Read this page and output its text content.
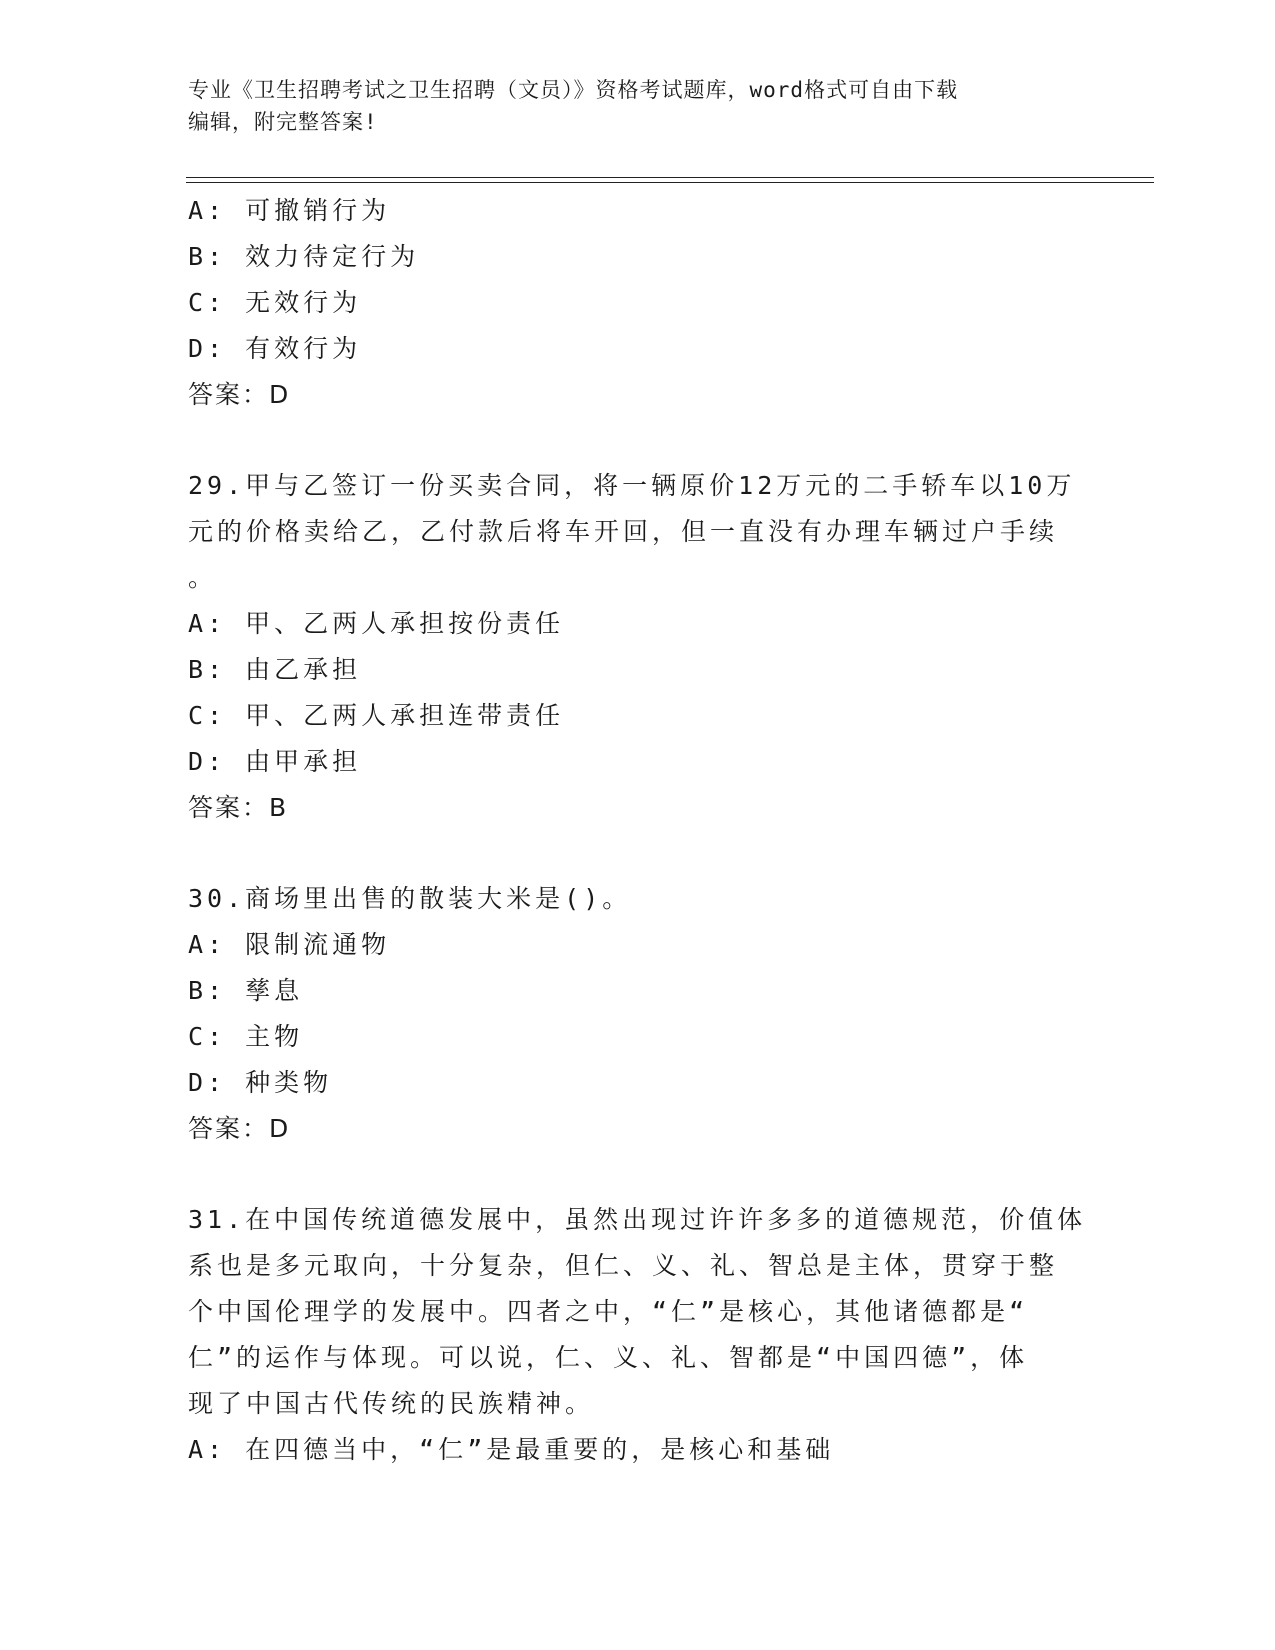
专业《卫生招聘考试之卫生招聘（文员）》资格考试题库，word格式可自由下载
编辑，附完整答案!
A: 可撤销行为
B: 效力待定行为
C: 无效行为
D: 有效行为
答案：D
29.甲与乙签订一份买卖合同，将一辆原价12万元的二手轿车以10万
元的价格卖给乙，乙付款后将车开回，但一直没有办理车辆过户手续
。
A: 甲、乙两人承担按份责任
B: 由乙承担
C: 甲、乙两人承担连带责任
D: 由甲承担
答案：B
30.商场里出售的散装大米是()。
A: 限制流通物
B: 孳息
C: 主物
D: 种类物
答案：D
31.在中国传统道德发展中，虽然出现过许许多多的道德规范，价值体
系也是多元取向，十分复杂，但仁、义、礼、智总是主体，贯穿于整
个中国伦理学的发展中。四者之中，“仁”是核心，其他诸德都是“
仁”的运作与体现。可以说，仁、义、礼、智都是“中国四德”，体
现了中国古代传统的民族精神。
A: 在四德当中，“仁”是最重要的，是核心和基础
